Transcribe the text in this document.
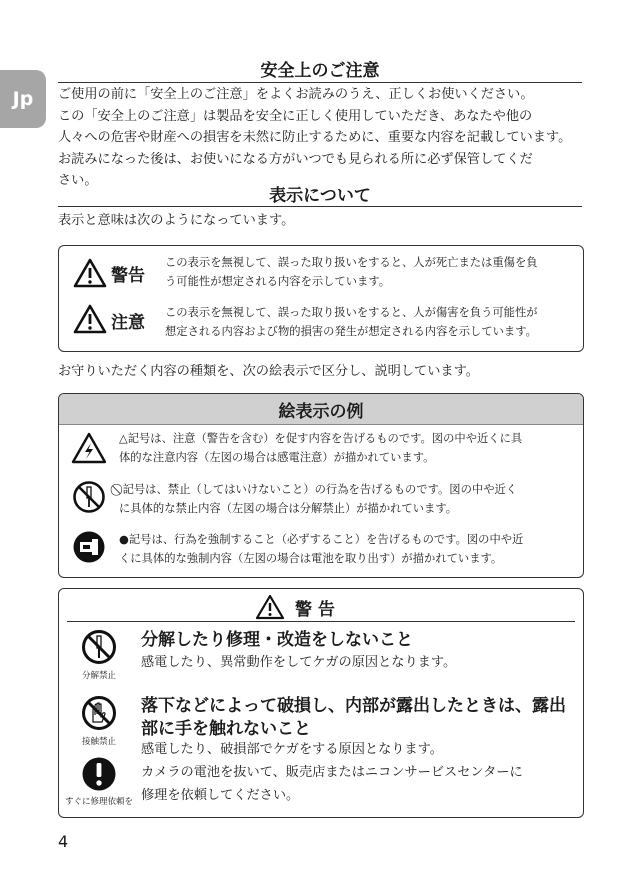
Jp
安全上のご注意
ご使用の前に「安全上のご注意」をよくお読みのうえ、正しくお使いください。
この「安全上のご注意」は製品を安全に正しく使用していただき、あなたや他の
人々への危害や財産への損害を未然に防止するために、重要な内容を記載しています。
お読みになった後は、お使いになる方がいつでも見られる所に必ず保管してくだ
さい。
表示について
表示と意味は次のようになっています。
警告
この表示を無視して、誤った取り扱いをすると、人が死亡または重傷を負
う可能性が想定される内容を示しています。
注意
この表示を無視して、誤った取り扱いをすると、人が傷害を負う可能性が
想定される内容および物的損害の発生が想定される内容を示しています。
お守りいただく内容の種類を、次の絵表示で区分し、説明しています。
絵表示の例
△記号は、注意（警告を含む）を促す内容を告げるものです。図の中や近くに具
体的な注意内容（左図の場合は感電注意）が描かれています。
⃠ 記号は、禁止（してはいけないこと）の行為を告げるものです。図の中や近く
に具体的な禁止内容（左図の場合は分解禁止）が描かれています。
●記号は、行為を強制すること（必ずすること）を告げるものです。図の中や近
くに具体的な強制内容（左図の場合は電池を取り出す）が描かれています。
警 告
分解禁止
分解したり修理・改造をしないこと
感電したり、異常動作をしてケガの原因となります。
接触禁止
落下などによって破損し、内部が露出したときは、露出
部に手を触れないこと
感電したり、破損部でケガをする原因となります。
すぐに修理依頼を
カメラの電池を抜いて、販売店またはニコンサービスセンターに
修理を依頼してください。
4
